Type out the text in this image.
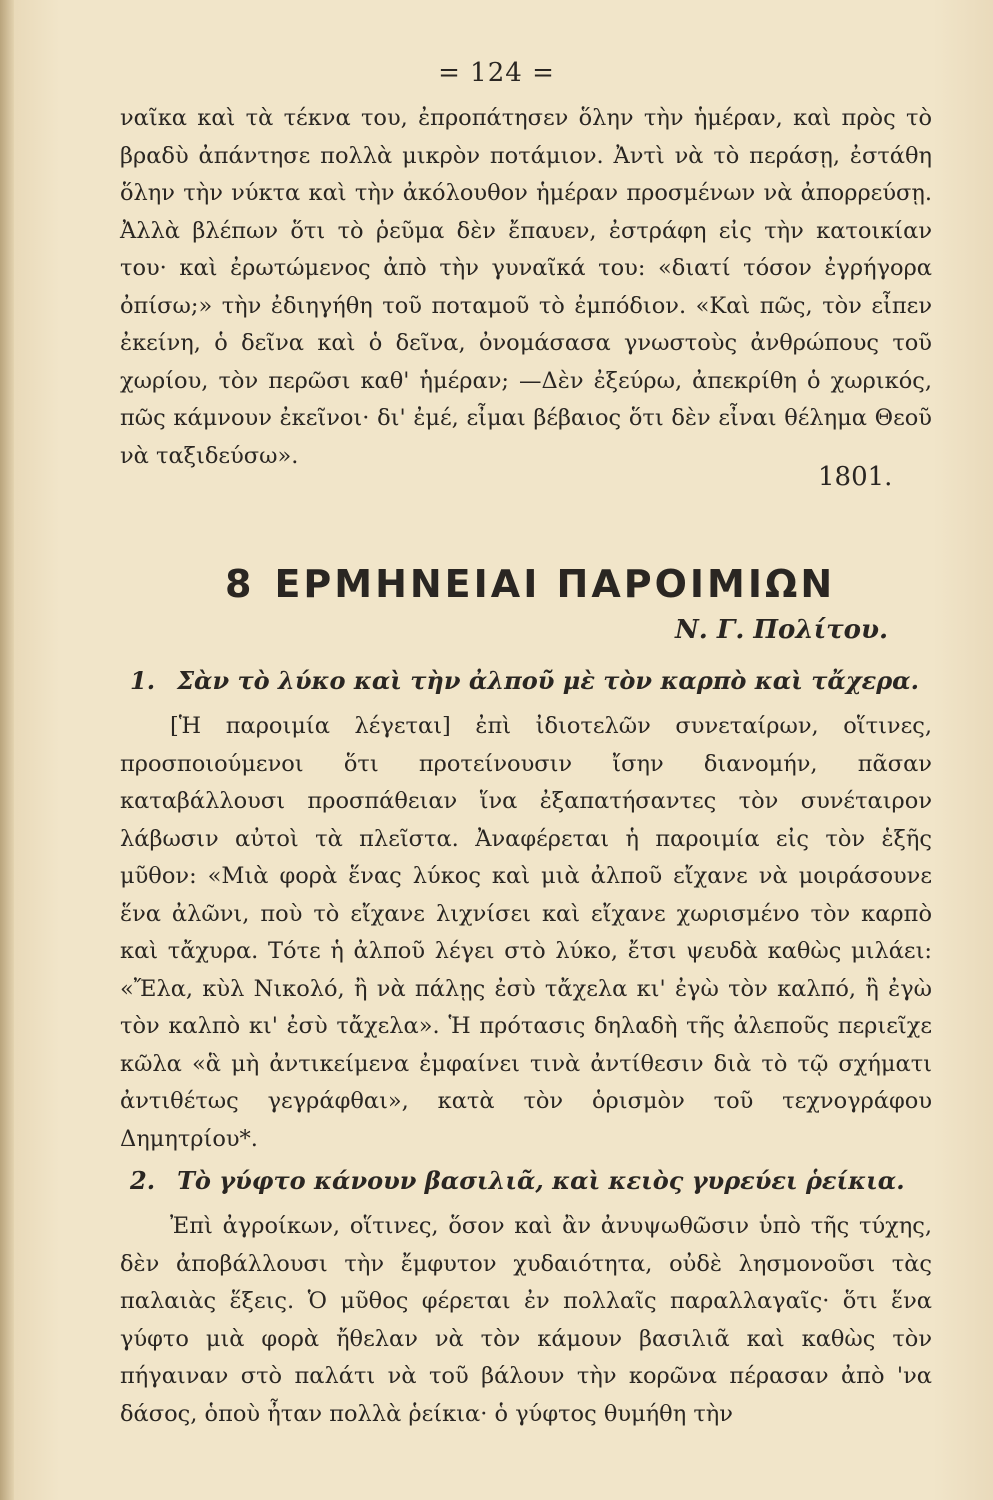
= 124 =

ναῖκα καὶ τὰ τέκνα του, ἐπροπάτησεν ὅλην τὴν ἡμέραν, καὶ πρὸς τὸ βραδὺ ἀπάντησε πολλὰ μικρὸν ποτάμιον. Ἀντὶ νὰ τὸ περάσῃ, ἐστάθη ὅλην τὴν νύκτα καὶ τὴν ἀκόλουθον ἡμέραν προσμένων νὰ ἀπορρεύσῃ. Ἀλλὰ βλέπων ὅτι τὸ ῥεῦμα δὲν ἔπαυεν, ἐστράφη εἰς τὴν κατοικίαν του· καὶ ἐρωτώμενος ἀπὸ τὴν γυναῖκά του: «διατί τόσον ἐγρήγορα ὀπίσω;» τὴν ἐδιηγήθη τοῦ ποταμοῦ τὸ ἐμπόδιον. «Καὶ πῶς, τὸν εἶπεν ἐκείνη, ὁ δεῖνα καὶ ὁ δεῖνα, ὀνομάσασα γνωστοὺς ἀνθρώπους τοῦ χωρίου, τὸν περῶσι καθ' ἡμέραν; —Δὲν ἐξεύρω, ἀπεκρίθη ὁ χωρικός, πῶς κάμνουν ἐκεῖνοι· δι' ἐμέ, εἶμαι βέβαιος ὅτι δὲν εἶναι θέλημα Θεοῦ νὰ ταξιδεύσω».

1801.
8 ΕΡΜΗΝΕΙΑΙ ΠΑΡΟΙΜΙΩΝ
Ν. Γ. Πολίτου.
1. Σὰν τὸ λύκο καὶ τὴν ἀλποῦ μὲ τὸν καρπὸ καὶ τἄχερα.

[Ἡ παροιμία λέγεται] ἐπὶ ἰδιοτελῶν συνεταίρων, οἵτινες, προσποιούμενοι ὅτι προτείνουσιν ἴσην διανομήν, πᾶσαν καταβάλλουσι προσπάθειαν ἵνα ἐξαπατήσαντες τὸν συνέταιρον λάβωσιν αὐτοὶ τὰ πλεῖστα. Ἀναφέρεται ἡ παροιμία εἰς τὸν ἑξῆς μῦθον: «Μιὰ φορὰ ἕνας λύκος καὶ μιὰ ἀλποῦ εἴχανε νὰ μοιράσουνε ἕνα ἀλῶνι, ποὺ τὸ εἴχανε λιχνίσει καὶ εἴχανε χωρισμένο τὸν καρπὸ καὶ τἄχυρα. Τότε ἡ ἀλποῦ λέγει στὸ λύκο, ἔτσι ψευδὰ καθὼς μιλάει: «Ἔλα, κὺλ Νικολό, ἢ νὰ πάλῃς ἐσὺ τἄχελα κι' ἐγὼ τὸν καλπό, ἢ ἐγὼ τὸν καλπὸ κι' ἐσὺ τἄχελα». Ἡ πρότασις δηλαδὴ τῆς ἀλεποῦς περιεῖχε κῶλα «ἃ μὴ ἀντικείμενα ἐμφαίνει τινὰ ἀντίθεσιν διὰ τὸ τῷ σχήματι ἀντιθέτως γεγράφθαι», κατὰ τὸν ὁρισμὸν τοῦ τεχνογράφου Δημητρίου*.

2. Τὸ γύφτο κάνουν βασιλιᾶ, καὶ κειὸς γυρεύει ῥείκια.

Ἐπὶ ἀγροίκων, οἵτινες, ὅσον καὶ ἂν ἀνυψωθῶσιν ὑπὸ τῆς τύχης, δὲν ἀποβάλλουσι τὴν ἔμφυτον χυδαιότητα, οὐδὲ λησμονοῦσι τὰς παλαιὰς ἕξεις. Ὁ μῦθος φέρεται ἐν πολλαῖς παραλλαγαῖς· ὅτι ἕνα γύφτο μιὰ φορὰ ἤθελαν νὰ τὸν κάμουν βασιλιᾶ καὶ καθὼς τὸν πήγαιναν στὸ παλάτι νὰ τοῦ βάλουν τὴν κορῶνα πέρασαν ἀπὸ 'να δάσος, ὁποὺ ἦταν πολλὰ ῥείκια· ὁ γύφτος θυμήθη τὴν
